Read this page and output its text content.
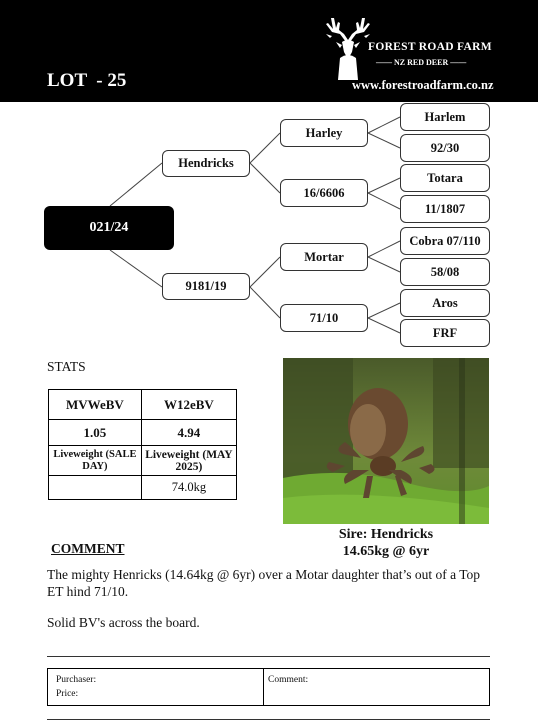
LOT  - 25
FOREST ROAD FARM
—— NZ RED DEER ——
www.forestroadfarm.co.nz
021/24
Hendricks
9181/19
Harley
16/6606
Mortar
71/10
Harlem
92/30
Totara
11/1807
Cobra 07/110
58/08
Aros
FRF
STATS
MVWeBV	W12eBV
1.05	4.94
Liveweight (SALE DAY)	Liveweight (MAY 2025)
	74.0kg
Sire: Hendricks
14.65kg @ 6yr
COMMENT
The mighty Henricks (14.64kg @ 6yr) over a Motar daughter that’s out of a Top ET hind 71/10.
Solid BV's across the board.
Purchaser:
Price:
Comment:
